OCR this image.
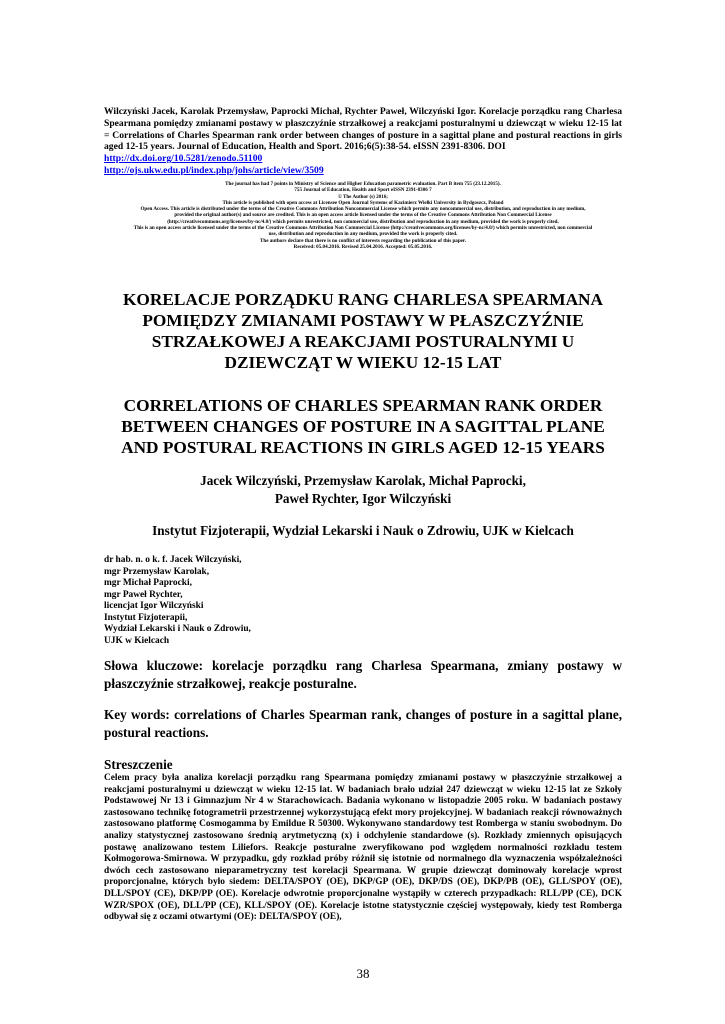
Wilczyński Jacek, Karolak Przemysław, Paprocki Michał, Rychter Paweł, Wilczyński Igor. Korelacje porządku rang Charlesa Spearmana pomiędzy zmianami postawy w płaszczyźnie strzałkowej a reakcjami posturalnymi u dziewcząt w wieku 12-15 lat = Correlations of Charles Spearman rank order between changes of posture in a sagittal plane and postural reactions in girls aged 12-15 years. Journal of Education, Health and Sport. 2016;6(5):38-54. eISSN 2391-8306. DOI
http://dx.doi.org/10.5281/zenodo.51100
http://ojs.ukw.edu.pl/index.php/johs/article/view/3509
The journal has had 7 points in Ministry of Science and Higher Education parametric evaluation. Part B item 755 (23.12.2015).
755 Journal of Education, Health and Sport eISSN 2391-8306 7
© The Author (s) 2016;
This article is published with open access at Licensee Open Journal Systems of Kazimierz Wielki University in Bydgoszcz, Poland
Open Access. This article is distributed under the terms of the Creative Commons Attribution Noncommercial License which permits any noncommercial use, distribution, and reproduction in any medium,
provided the original author(s) and source are credited. This is an open access article licensed under the terms of the Creative Commons Attribution Non Commercial License
(http://creativecommons.org/licenses/by-nc/4.0/) which permits unrestricted, non commercial use, distribution and reproduction in any medium, provided the work is properly cited.
This is an open access article licensed under the terms of the Creative Commons Attribution Non Commercial License (http://creativecommons.org/licenses/by-nc/4.0/) which permits unrestricted, non commercial
use, distribution and reproduction in any medium, provided the work is properly cited.
The authors declare that there is no conflict of interests regarding the publication of this paper.
Received: 05.04.2016. Revised 25.04.2016. Accepted: 05.05.2016.
KORELACJE PORZĄDKU RANG CHARLESA SPEARMANA POMIĘDZY ZMIANAMI POSTAWY W PŁASZCZYŹNIE STRZAŁKOWEJ A REAKCJAMI POSTURALNYMI U DZIEWCZĄT W WIEKU 12-15 LAT
CORRELATIONS OF CHARLES SPEARMAN RANK ORDER BETWEEN CHANGES OF POSTURE IN A SAGITTAL PLANE AND POSTURAL REACTIONS IN GIRLS AGED 12-15 YEARS
Jacek Wilczyński, Przemysław Karolak, Michał Paprocki,
Paweł Rychter, Igor Wilczyński
Instytut Fizjoterapii, Wydział Lekarski i Nauk o Zdrowiu, UJK w Kielcach
dr hab. n. o k. f. Jacek Wilczyński,
mgr Przemysław Karolak,
mgr Michał Paprocki,
mgr Paweł Rychter,
licencjat Igor Wilczyński
Instytut Fizjoterapii,
Wydział Lekarski i Nauk o Zdrowiu,
UJK w Kielcach
Słowa kluczowe: korelacje porządku rang Charlesa Spearmana, zmiany postawy w płaszczyźnie strzałkowej, reakcje posturalne.
Key words: correlations of Charles Spearman rank, changes of posture in a sagittal plane, postural reactions.
Streszczenie
Celem pracy była analiza korelacji porządku rang Spearmana pomiędzy zmianami postawy w płaszczyźnie strzałkowej a reakcjami posturalnymi u dziewcząt w wieku 12-15 lat. W badaniach brało udział 247 dziewcząt w wieku 12-15 lat ze Szkoły Podstawowej Nr 13 i Gimnazjum Nr 4 w Starachowicach. Badania wykonano w listopadzie 2005 roku. W badaniach postawy zastosowano technikę fotogrametrii przestrzennej wykorzystującą efekt mory projekcyjnej. W badaniach reakcji równoważnych zastosowano platformę Cosmogamma by Emildue R 50300. Wykonywano standardowy test Romberga w staniu swobodnym. Do analizy statystycznej zastosowano średnią arytmetyczną (x) i odchylenie standardowe (s). Rozkłady zmiennych opisujących postawę analizowano testem Liliefors. Reakcje posturalne zweryfikowano pod względem normalności rozkładu testem Kołmogorowa-Smirnowa. W przypadku, gdy rozkład próby różnił się istotnie od normalnego dla wyznaczenia współzależności dwóch cech zastosowano nieparametryczny test korelacji Spearmana. W grupie dziewcząt dominowały korelacje wprost proporcjonalne, których było siedem: DELTA/SPOY (OE), DKP/GP (OE), DKP/DS (OE), DKP/PB (OE), GLL/SPOY (OE), DLL/SPOY (CE), DKP/PP (OE). Korelacje odwrotnie proporcjonalne wystąpiły w czterech przypadkach: RLL/PP (CE), DCK WZR/SPOX (OE), DLL/PP (CE), KLL/SPOY (OE). Korelacje istotne statystycznie częściej występowały, kiedy test Romberga odbywał się z oczami otwartymi (OE): DELTA/SPOY (OE),
38
